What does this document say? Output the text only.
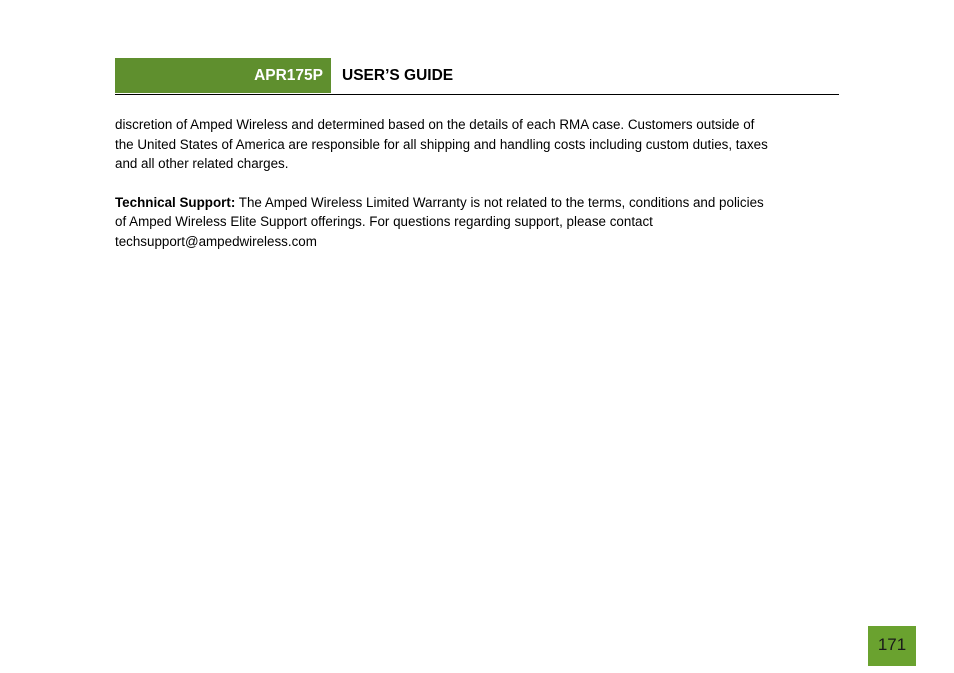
APR175P	USER’S GUIDE

discretion of Amped Wireless and determined based on the details of each RMA case. Customers outside of
the United States of America are responsible for all shipping and handling costs including custom duties, taxes
and all other related charges.

Technical Support: The Amped Wireless Limited Warranty is not related to the terms, conditions and policies
of Amped Wireless Elite Support offerings. For questions regarding support, please contact
techsupport@ampedwireless.com

171
